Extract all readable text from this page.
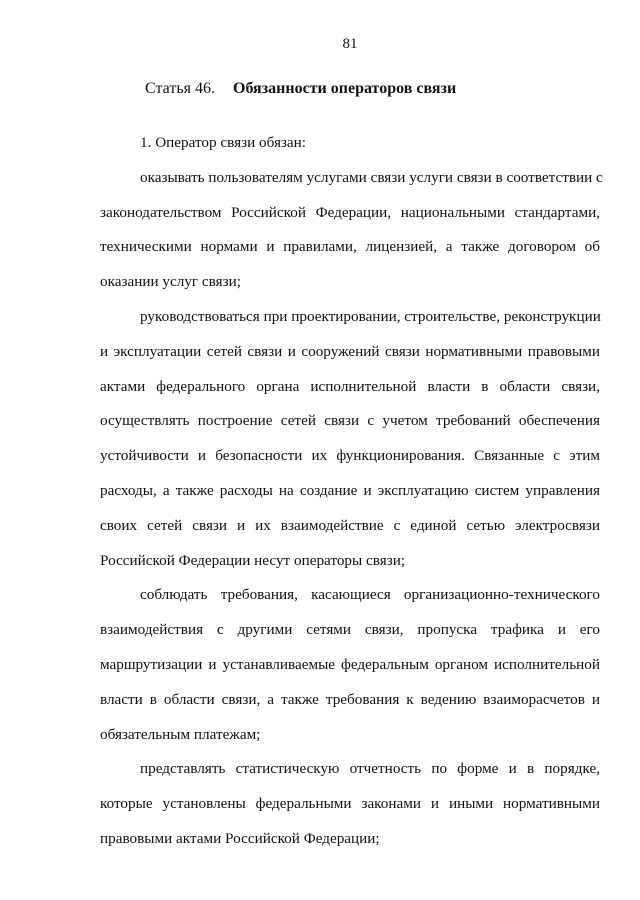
81
Статья 46. Обязанности операторов связи
1. Оператор связи обязан:
оказывать пользователям услугами связи услуги связи в соответствии с
законодательством Российской Федерации, национальными стандартами,
техническими нормами и правилами, лицензией, а также договором об
оказании услуг связи;
руководствоваться при проектировании, строительстве, реконструкции
и эксплуатации сетей связи и сооружений связи нормативными правовыми
актами федерального органа исполнительной власти в области связи,
осуществлять построение сетей связи с учетом требований обеспечения
устойчивости и безопасности их функционирования. Связанные с этим
расходы, а также расходы на создание и эксплуатацию систем управления
своих сетей связи и их взаимодействие с единой сетью электросвязи
Российской Федерации несут операторы связи;
соблюдать требования, касающиеся организационно-технического
взаимодействия с другими сетями связи, пропуска трафика и его
маршрутизации и устанавливаемые федеральным органом исполнительной
власти в области связи, а также требования к ведению взаиморасчетов и
обязательным платежам;
представлять статистическую отчетность по форме и в порядке,
которые установлены федеральными законами и иными нормативными
правовыми актами Российской Федерации;
